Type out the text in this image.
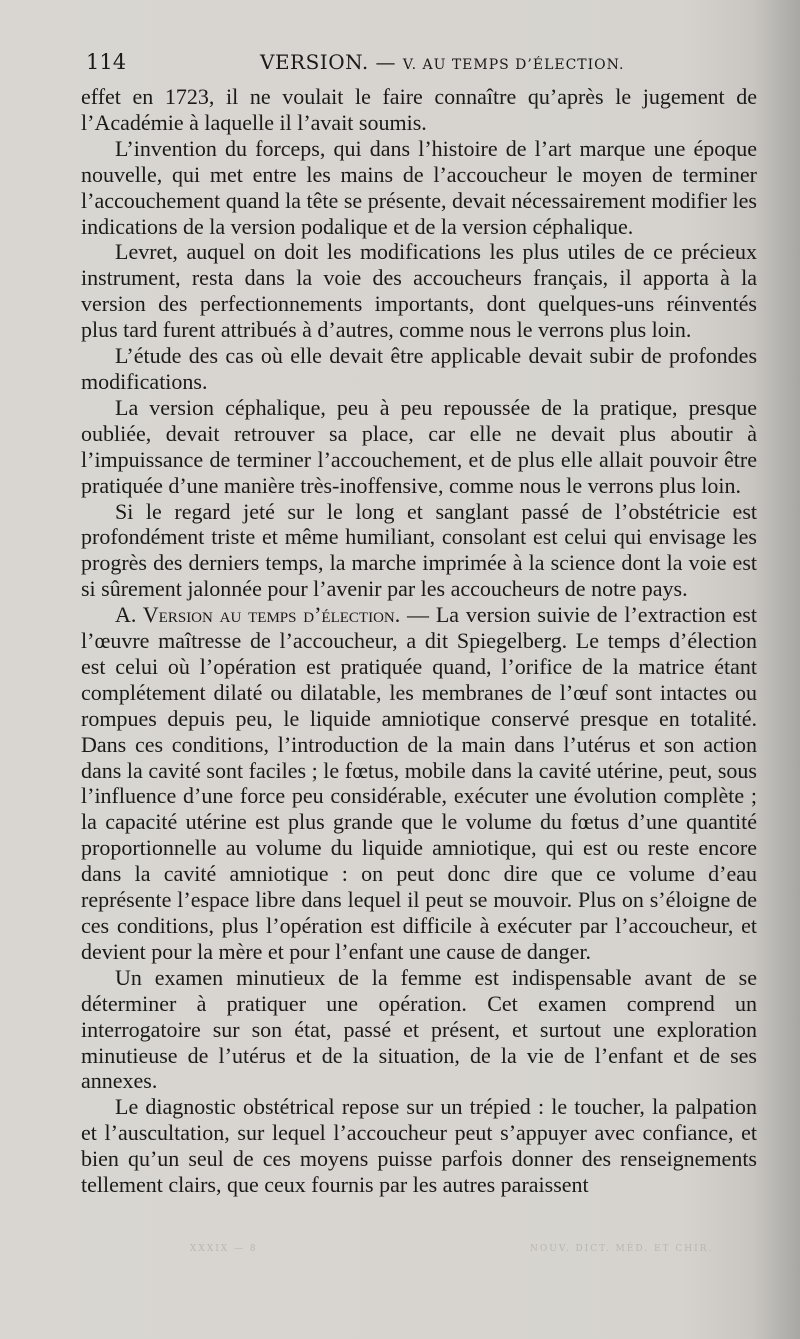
114	VERSION. — V. AU TEMPS D’ÉLECTION.

effet en 1723, il ne voulait le faire connaître qu’après le jugement de l’Académie à laquelle il l’avait soumis.

L’invention du forceps, qui dans l’histoire de l’art marque une époque nouvelle, qui met entre les mains de l’accoucheur le moyen de terminer l’accouchement quand la tête se présente, devait nécessairement modifier les indications de la version podalique et de la version céphalique.

Levret, auquel on doit les modifications les plus utiles de ce précieux instrument, resta dans la voie des accoucheurs français, il apporta à la version des perfectionnements importants, dont quelques-uns réinventés plus tard furent attribués à d’autres, comme nous le verrons plus loin.

L’étude des cas où elle devait être applicable devait subir de profondes modifications.

La version céphalique, peu à peu repoussée de la pratique, presque oubliée, devait retrouver sa place, car elle ne devait plus aboutir à l’impuissance de terminer l’accouchement, et de plus elle allait pouvoir être pratiquée d’une manière très-inoffensive, comme nous le verrons plus loin.

Si le regard jeté sur le long et sanglant passé de l’obstétricie est profondément triste et même humiliant, consolant est celui qui envisage les progrès des derniers temps, la marche imprimée à la science dont la voie est si sûrement jalonnée pour l’avenir par les accoucheurs de notre pays.

A. Version au temps d’élection. — La version suivie de l’extraction est l’œuvre maîtresse de l’accoucheur, a dit Spiegelberg. Le temps d’élection est celui où l’opération est pratiquée quand, l’orifice de la matrice étant complétement dilaté ou dilatable, les membranes de l’œuf sont intactes ou rompues depuis peu, le liquide amniotique conservé presque en totalité. Dans ces conditions, l’introduction de la main dans l’utérus et son action dans la cavité sont faciles ; le fœtus, mobile dans la cavité utérine, peut, sous l’influence d’une force peu considérable, exécuter une évolution complète ; la capacité utérine est plus grande que le volume du fœtus d’une quantité proportionnelle au volume du liquide amniotique, qui est ou reste encore dans la cavité amniotique : on peut donc dire que ce volume d’eau représente l’espace libre dans lequel il peut se mouvoir. Plus on s’éloigne de ces conditions, plus l’opération est difficile à exécuter par l’accoucheur, et devient pour la mère et pour l’enfant une cause de danger.

Un examen minutieux de la femme est indispensable avant de se déterminer à pratiquer une opération. Cet examen comprend un interrogatoire sur son état, passé et présent, et surtout une exploration minutieuse de l’utérus et de la situation, de la vie de l’enfant et de ses annexes.

Le diagnostic obstétrical repose sur un trépied : le toucher, la palpation et l’auscultation, sur lequel l’accoucheur peut s’appuyer avec confiance, et bien qu’un seul de ces moyens puisse parfois donner des renseignements tellement clairs, que ceux fournis par les autres paraissent

XXXIX — 8	NOUV. DICT. MÉD. ET CHIR.
